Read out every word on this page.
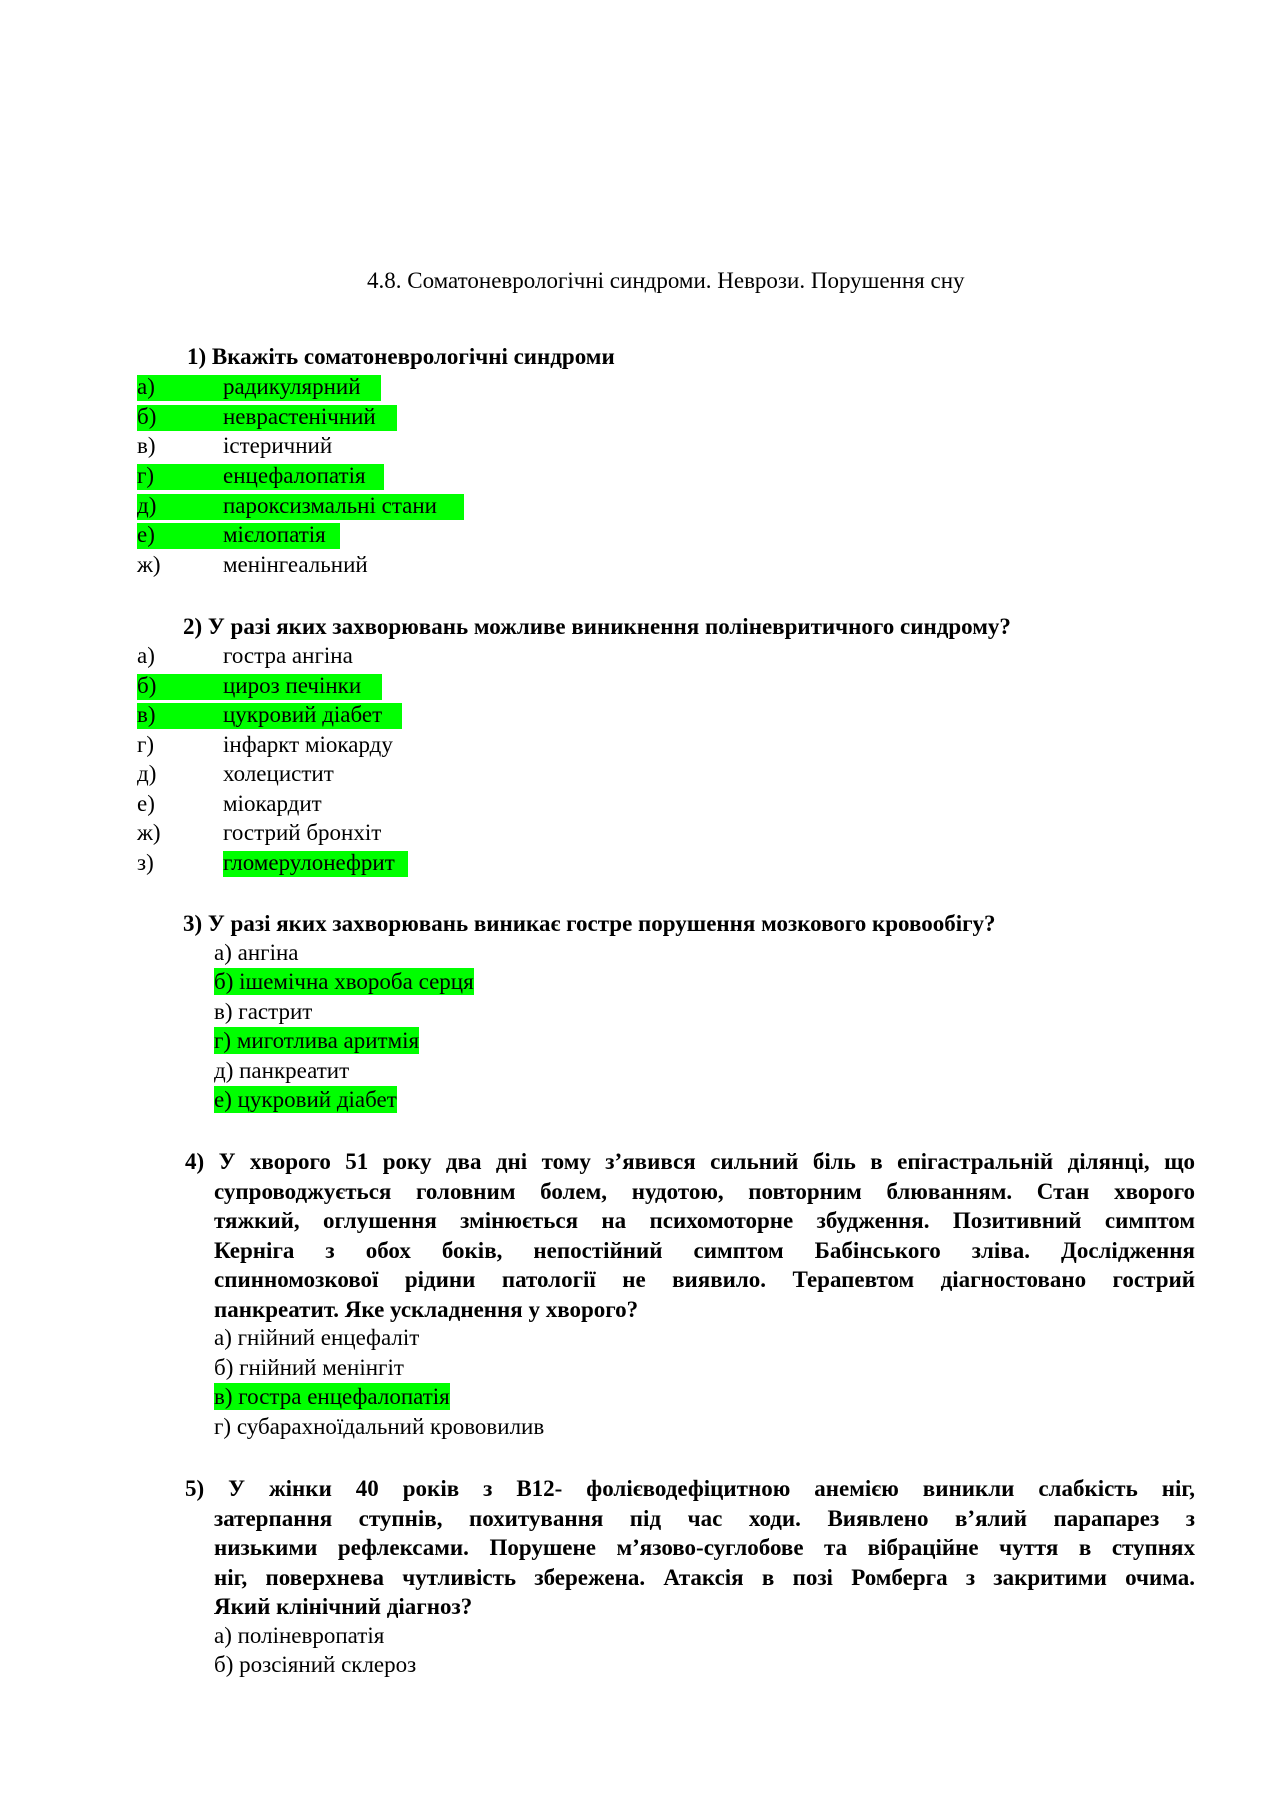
4.8. Соматоневрологічні синдроми. Неврози. Порушення сну
1) Вкажіть соматоневрологічні синдроми
а)	радикулярний
б)	неврастенічний
в)	істеричний
г)	енцефалопатія
д)	пароксизмальні стани
е)	мієлопатія
ж)	менінгеальний
2) У разі яких захворювань можливе виникнення поліневритичного синдрому?
а)	гостра ангіна
б)	цироз печінки
в)	цукровий діабет
г)	інфаркт міокарду
д)	холецистит
е)	міокардит
ж)	гострий бронхіт
з)	гломерулонефрит
3) У разі яких захворювань виникає гостре порушення мозкового кровообігу?
а) ангіна
б) ішемічна хвороба серця
в) гастрит
г) миготлива аритмія
д) панкреатит
е) цукровий діабет
4) У хворого 51 року два дні тому з’явився сильний біль в епігастральній ділянці, що
супроводжується головним болем, нудотою, повторним блюванням. Стан хворого
тяжкий, оглушення змінюється на психомоторне збудження. Позитивний симптом
Керніга з обох боків, непостійний симптом Бабінського зліва. Дослідження
спинномозкової рідини патології не виявило. Терапевтом діагностовано гострий
панкреатит. Яке ускладнення у хворого?
а) гнійний енцефаліт
б) гнійний менінгіт
в) гостра енцефалопатія
г) субарахноїдальний крововилив
5) У жінки 40 років з В12- фолієводефіцитною анемією виникли слабкість ніг,
затерпання ступнів, похитування під час ходи. Виявлено в’ялий парапарез з
низькими рефлексами. Порушене м’язово-суглобове та вібраційне чуття в ступнях
ніг, поверхнева чутливість збережена. Атаксія в позі Ромберга з закритими очима.
Який клінічний діагноз?
а) поліневропатія
б) розсіяний склероз
